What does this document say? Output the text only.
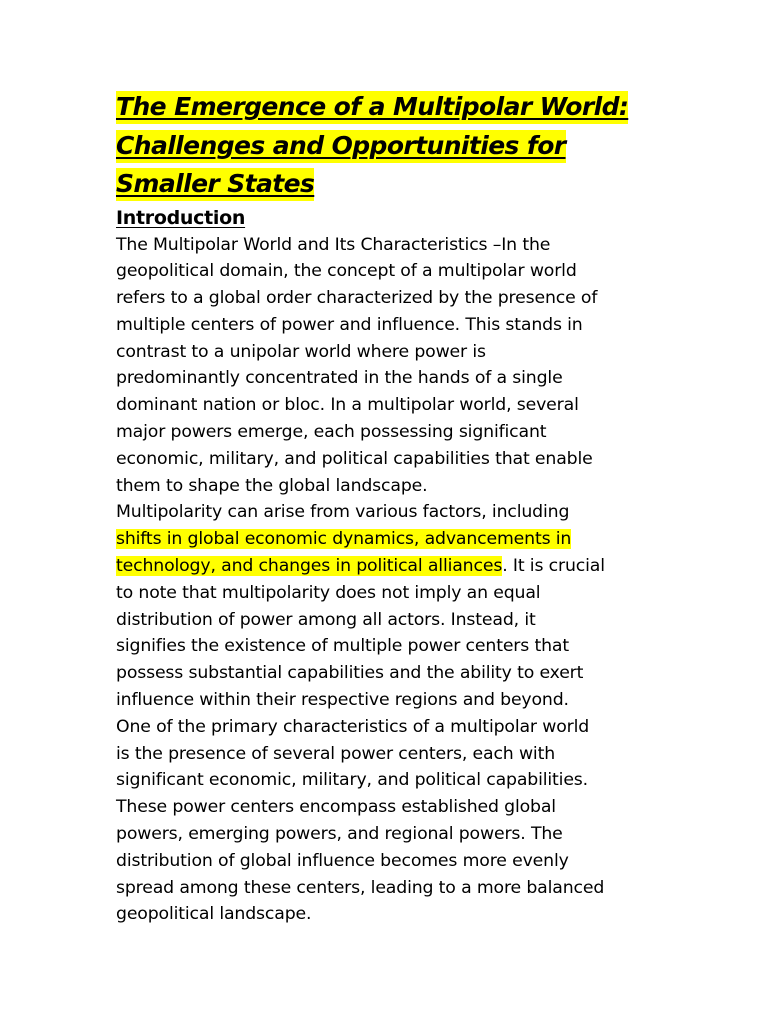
The Emergence of a Multipolar World:
Challenges and Opportunities for
Smaller States
Introduction

The Multipolar World and Its Characteristics –In the
geopolitical domain, the concept of a multipolar world
refers to a global order characterized by the presence of
multiple centers of power and influence. This stands in
contrast to a unipolar world where power is
predominantly concentrated in the hands of a single
dominant nation or bloc. In a multipolar world, several
major powers emerge, each possessing significant
economic, military, and political capabilities that enable
them to shape the global landscape.

Multipolarity can arise from various factors, including
shifts in global economic dynamics, advancements in
technology, and changes in political alliances. It is crucial
to note that multipolarity does not imply an equal
distribution of power among all actors. Instead, it
signifies the existence of multiple power centers that
possess substantial capabilities and the ability to exert
influence within their respective regions and beyond.

One of the primary characteristics of a multipolar world
is the presence of several power centers, each with
significant economic, military, and political capabilities.
These power centers encompass established global
powers, emerging powers, and regional powers. The
distribution of global influence becomes more evenly
spread among these centers, leading to a more balanced
geopolitical landscape.
